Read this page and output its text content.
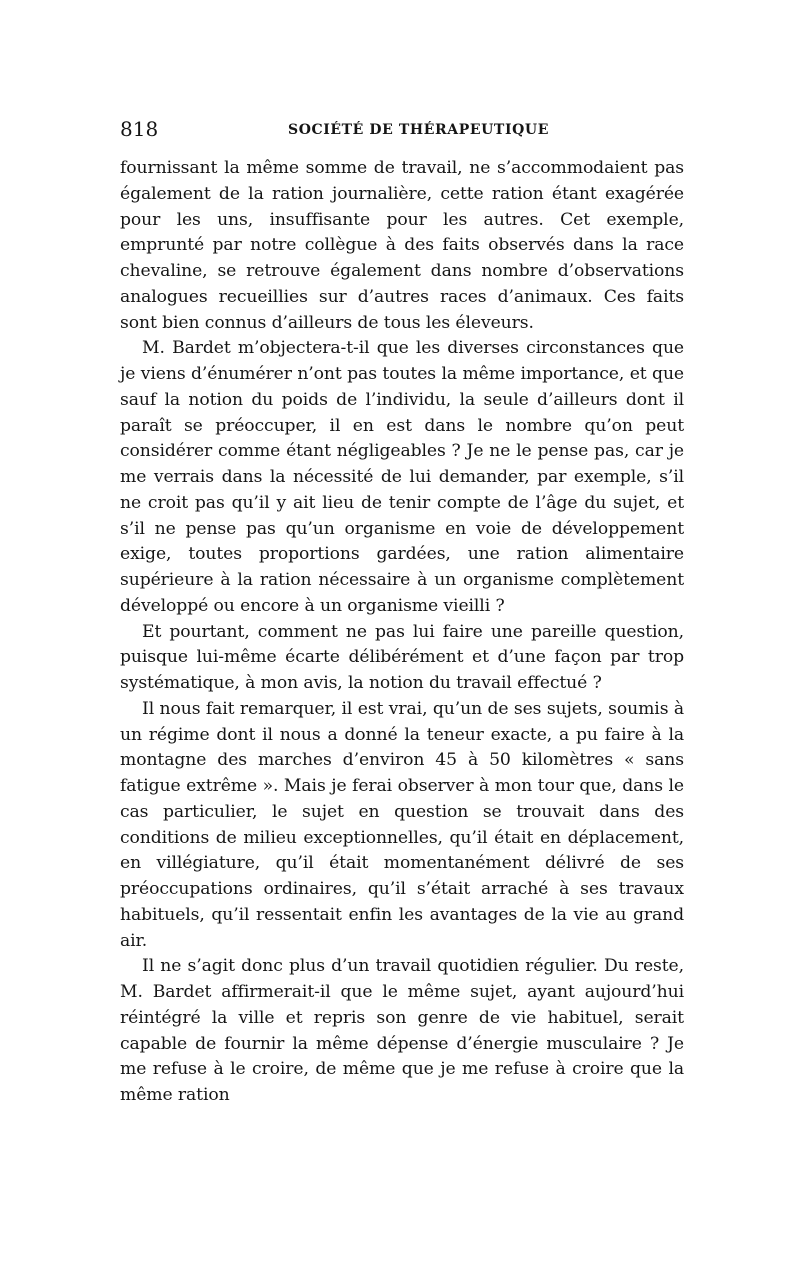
818	SOCIÉTÉ DE THÉRAPEUTIQUE

fournissant la même somme de travail, ne s’accommodaient pas également de la ration journalière, cette ration étant exagérée pour les uns, insuffisante pour les autres. Cet exemple, emprunté par notre collègue à des faits observés dans la race chevaline, se retrouve également dans nombre d’observations analogues recueillies sur d’autres races d’animaux. Ces faits sont bien connus d’ailleurs de tous les éleveurs.

M. Bardet m’objectera-t-il que les diverses circonstances que je viens d’énumérer n’ont pas toutes la même importance, et que sauf la notion du poids de l’individu, la seule d’ailleurs dont il paraît se préoccuper, il en est dans le nombre qu’on peut considérer comme étant négligeables ? Je ne le pense pas, car je me verrais dans la nécessité de lui demander, par exemple, s’il ne croit pas qu’il y ait lieu de tenir compte de l’âge du sujet, et s’il ne pense pas qu’un organisme en voie de développement exige, toutes proportions gardées, une ration alimentaire supérieure à la ration nécessaire à un organisme complètement développé ou encore à un organisme vieilli ?

Et pourtant, comment ne pas lui faire une pareille question, puisque lui-même écarte délibérément et d’une façon par trop systématique, à mon avis, la notion du travail effectué ?

Il nous fait remarquer, il est vrai, qu’un de ses sujets, soumis à un régime dont il nous a donné la teneur exacte, a pu faire à la montagne des marches d’environ 45 à 50 kilomètres « sans fatigue extrême ». Mais je ferai observer à mon tour que, dans le cas particulier, le sujet en question se trouvait dans des conditions de milieu exceptionnelles, qu’il était en déplacement, en villégiature, qu’il était momentanément délivré de ses préoccupations ordinaires, qu’il s’était arraché à ses travaux habituels, qu’il ressentait enfin les avantages de la vie au grand air.

Il ne s’agit donc plus d’un travail quotidien régulier. Du reste, M. Bardet affirmerait-il que le même sujet, ayant aujourd’hui réintégré la ville et repris son genre de vie habituel, serait capable de fournir la même dépense d’énergie musculaire ? Je me refuse à le croire, de même que je me refuse à croire que la même ration
